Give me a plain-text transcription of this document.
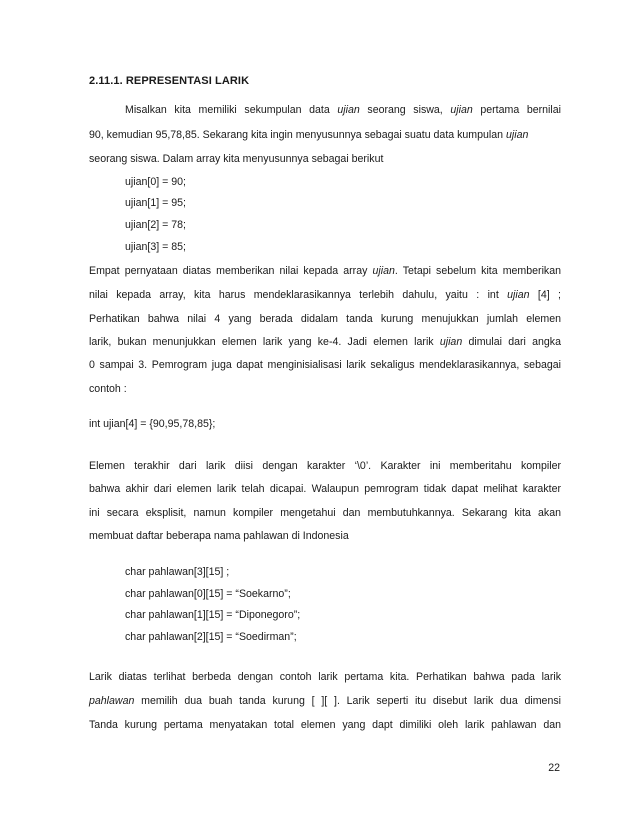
2.11.1. REPRESENTASI LARIK
Misalkan kita memiliki sekumpulan data ujian seorang siswa, ujian pertama bernilai
90, kemudian 95,78,85. Sekarang kita ingin menyusunnya sebagai suatu data kumpulan ujian
seorang siswa. Dalam array kita menyusunnya sebagai berikut
ujian[0] = 90;
ujian[1] = 95;
ujian[2] = 78;
ujian[3] = 85;
Empat pernyataan diatas memberikan nilai kepada array ujian. Tetapi sebelum kita memberikan
nilai kepada array, kita harus mendeklarasikannya terlebih dahulu, yaitu : int ujian [4] ;
Perhatikan bahwa nilai 4 yang berada didalam tanda kurung menujukkan jumlah elemen
larik, bukan menunjukkan elemen larik yang ke-4. Jadi elemen larik ujian dimulai dari angka
0 sampai 3. Pemrogram juga dapat menginisialisasi larik sekaligus mendeklarasikannya, sebagai
contoh :
int ujian[4] = {90,95,78,85};
Elemen terakhir dari larik diisi dengan karakter ‘\0’. Karakter ini memberitahu kompiler
bahwa akhir dari elemen larik telah dicapai. Walaupun pemrogram tidak dapat melihat karakter
ini secara eksplisit, namun kompiler mengetahui dan membutuhkannya. Sekarang kita akan
membuat daftar beberapa nama pahlawan di Indonesia
char pahlawan[3][15] ;
char pahlawan[0][15] = “Soekarno”;
char pahlawan[1][15] = “Diponegoro”;
char pahlawan[2][15] = “Soedirman”;
Larik diatas terlihat berbeda dengan contoh larik pertama kita. Perhatikan bahwa pada larik
pahlawan memilih dua buah tanda kurung [ ][ ]. Larik seperti itu disebut larik dua dimensi
Tanda kurung pertama menyatakan total elemen yang dapt dimiliki oleh larik pahlawan dan
22
